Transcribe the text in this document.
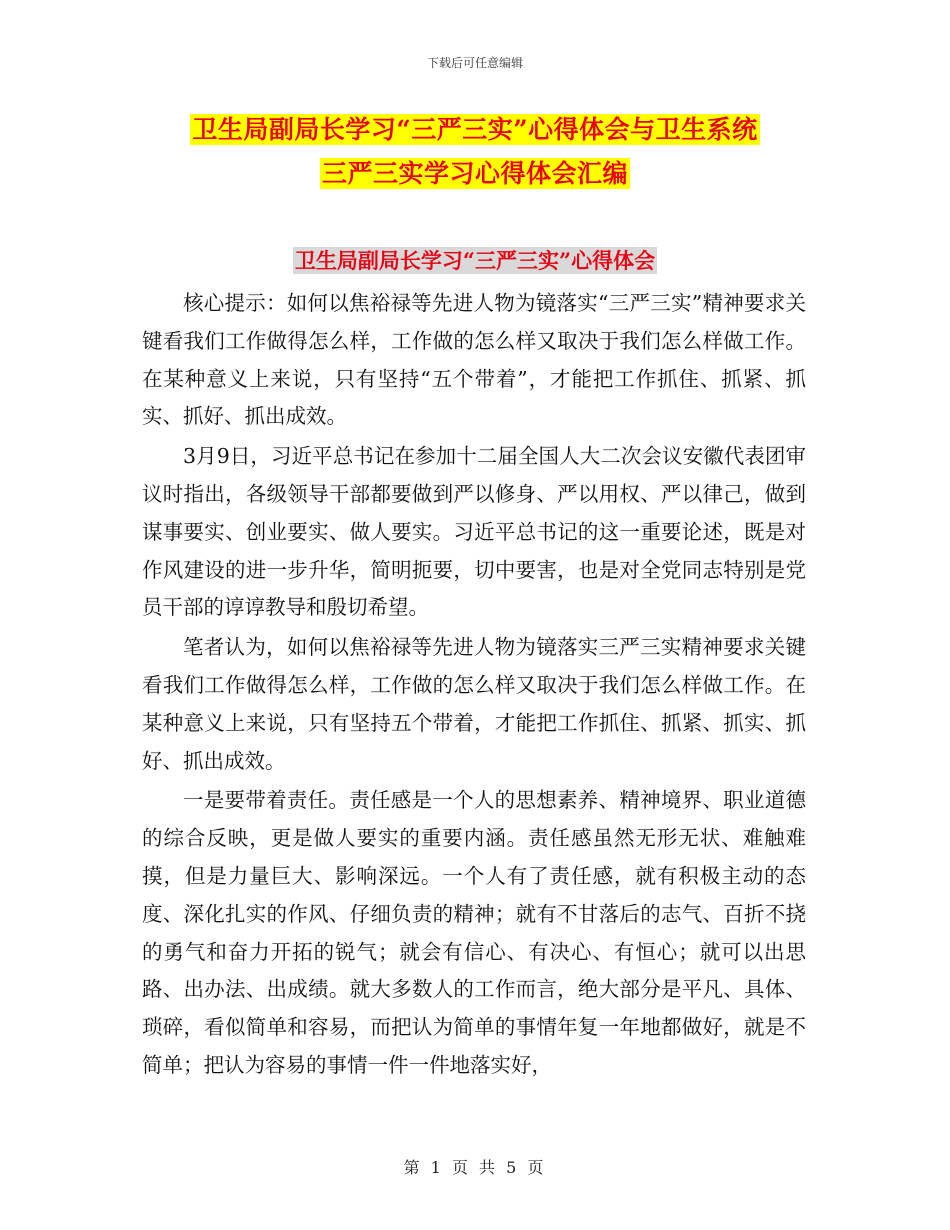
下载后可任意编辑
卫生局副局长学习“三严三实”心得体会与卫生系统
三严三实学习心得体会汇编
卫生局副局长学习“三严三实”心得体会

核心提示：如何以焦裕禄等先进人物为镜落实“三严三实”精神要求关键看我们工作做得怎么样，工作做的怎么样又取决于我们怎么样做工作。在某种意义上来说，只有坚持“五个带着”，才能把工作抓住、抓紧、抓实、抓好、抓出成效。

3月9日，习近平总书记在参加十二届全国人大二次会议安徽代表团审议时指出，各级领导干部都要做到严以修身、严以用权、严以律己，做到谋事要实、创业要实、做人要实。习近平总书记的这一重要论述，既是对作风建设的进一步升华，简明扼要，切中要害，也是对全党同志特别是党员干部的谆谆教导和殷切希望。

笔者认为，如何以焦裕禄等先进人物为镜落实三严三实精神要求关键看我们工作做得怎么样，工作做的怎么样又取决于我们怎么样做工作。在某种意义上来说，只有坚持五个带着，才能把工作抓住、抓紧、抓实、抓好、抓出成效。

一是要带着责任。责任感是一个人的思想素养、精神境界、职业道德的综合反映，更是做人要实的重要内涵。责任感虽然无形无状、难触难摸，但是力量巨大、影响深远。一个人有了责任感，就有积极主动的态度、深化扎实的作风、仔细负责的精神；就有不甘落后的志气、百折不挠的勇气和奋力开拓的锐气；就会有信心、有决心、有恒心；就可以出思路、出办法、出成绩。就大多数人的工作而言，绝大部分是平凡、具体、琐碎，看似简单和容易，而把认为简单的事情年复一年地都做好，就是不简单；把认为容易的事情一件一件地落实好，

第 1 页 共 5 页
